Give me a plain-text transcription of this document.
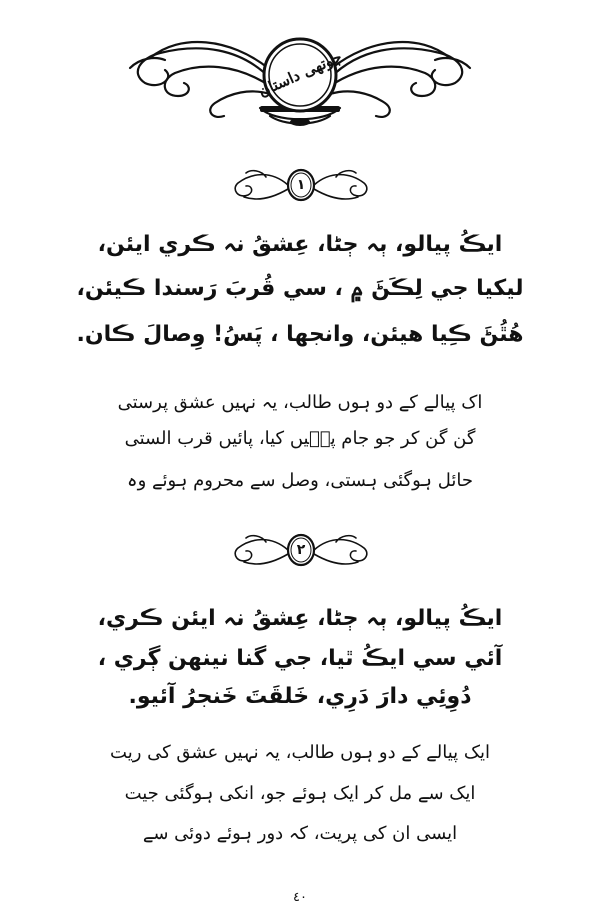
چوتھی داستان
١
ايڪُ پيالو، ٻہ ڄڻا، عِشقُ نہ ڪري ايئن،
ليکيا جي لِڪَڻَ ۾ ، سي قُربَ رَسندا ڪيئن،
هُٿُڻَ ڪِيا هيئن، وانجھا ، پَسُ! وِصالَ ڪان.
اک پیالے کے دو ہوں طالب، یہ نہیں عشق پرستی
گن گن کر جو جام پیٖیں کیا، پائیں قرب الستی
حائل ہوگئی ہستی، وصل سے محروم ہوئے وہ
٢
ايڪُ پيالو، ٻہ ڄڻا، عِشقُ نہ ايئن ڪري،
آئي سي ايڪُ ٿيا، جي گنا نينهن ڳري ،
دُوِئِي دارَ دَرِي، خَلقَتَ خَنجرُ آئيو.
ایک پیالے کے دو ہوں طالب، یہ نہیں عشق کی ریت
ایک سے مل کر ایک ہوئے جو، انکی ہوگئی جیت
ایسی ان کی پریت، کہ دور ہوئے دوئی سے
٤٠
